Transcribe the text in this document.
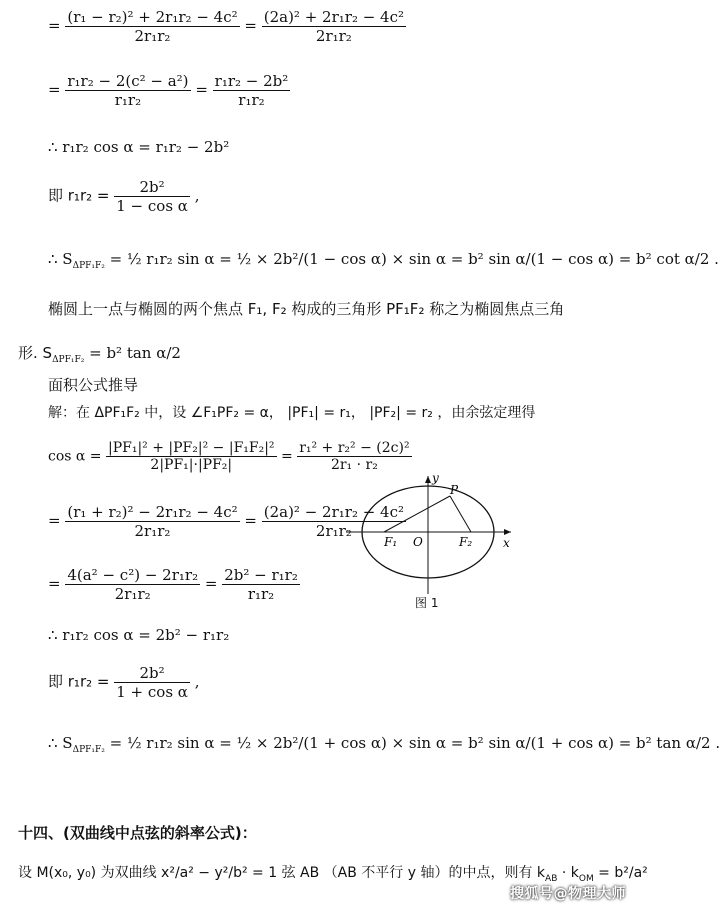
= $\frac{\text{(r₁ − r₂)² + 2r₁r₂ − 4c²}}{\text{2r₁r₂}} = \frac{\text{(2a)² + 2r₁r₂ − 4c²}}{\text{2r₁r₂}}$
= $\frac{\text{r₁r₂ − 2(c² − a²)}}{\text{r₁r₂}} = \frac{\text{r₁r₂ − 2b²}}{\text{r₁r₂}}$
∴ r₁r₂ cos α = r₁r₂ − 2b²
即 $r_1r_2 = \frac{\text{2b²}}{\text{1 − cos α}}$ ,
∴ $S_{\Delta PF_1F_2}$ = ½ r₁r₂ sin α = ½ × 2b²/(1 − cos α) × sin α = b² sin α/(1 − cos α) = b² cot α/2 .
椭圆上一点与椭圆的两个焦点 F₁, F₂ 构成的三角形 PF₁F₂ 称之为椭圆焦点三角
形. $S_{\Delta PF_1F_2} = b^2$ tan α/2
面积公式推导
解：在 ΔPF₁F₂ 中，设 ∠F₁PF₂ = α， |PF₁| = r₁， |PF₂| = r₂ ，由余弦定理得
$\cos \alpha = \frac{\text{|PF₁|² + |PF₂|² − |F₁F₂|²}}{\text{2|PF₁|·|PF₂|}} = \frac{\text{r₁² + r₂² − (2c)²}}{\text{2r₁ · r₂}}$
= $\frac{\text{(r₁ + r₂)² − 2r₁r₂ − 4c²}}{\text{2r₁r₂}} = \frac{\text{(2a)² − 2r₁r₂ − 4c²}}{\text{2r₁r₂}}$
= $\frac{\text{4(a² − c²) − 2r₁r₂}}{\text{2r₁r₂}} = \frac{\text{2b² − r₁r₂}}{\text{r₁r₂}}$
∴ r₁r₂ cos α = 2b² − r₁r₂
即 $r_1r_2 = \frac{\text{2b²}}{\text{1 + cos α}}$ ,
∴ $S_{\Delta PF_1F_2}$ = ½ r₁r₂ sin α = ½ × 2b²/(1 + cos α) × sin α = b² sin α/(1 + cos α) = b² tan α/2 .
y
x
P
O
F₁	F₂
图 1
十四、(双曲线中点弦的斜率公式)：
设 M(x₀, y₀) 为双曲线 x²/a² − y²/b² = 1 弦 AB （AB 不平行 y 轴）的中点，则有 $k_{AB} \cdot k_{OM} = b^2/a^2$
搜狐号@物理大师
